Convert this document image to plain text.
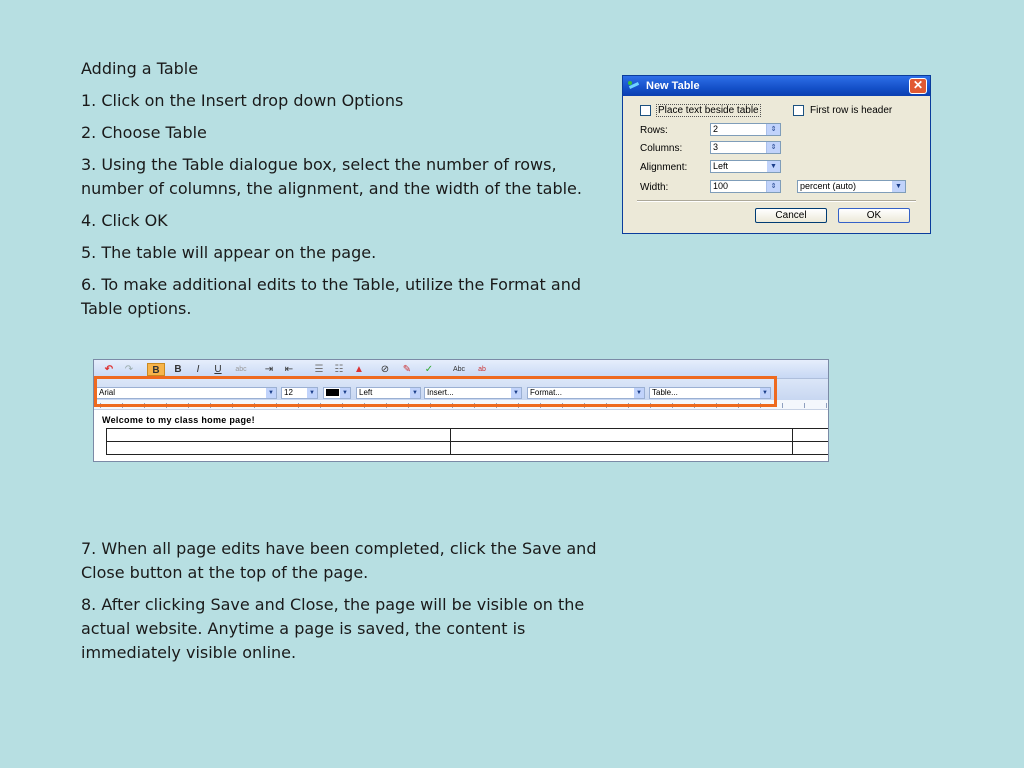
Adding a Table

1. Click on the Insert drop down Options

2. Choose Table

3. Using the Table dialogue box, select the number of rows, number of columns, the alignment, and the width of the table.

4. Click OK

5. The table will appear on the page.

6. To make additional edits to the Table, utilize the Format and Table options.

New Table	✕
Place text beside table	First row is header
Rows:	2	⇕
Columns:	3	⇕
Alignment:	Left	▼
Width:	100	⇕	percent (auto)	▼
Cancel	OK
↶ ↷	B	B	I	U	abc	⇥ ⇤ ☰ ☷ ▲ ⊘ ✎ ✓	Abc	ab
Arial	▼	12	▼	▼	Left	▼	Insert...	▼	Format...	▼	Table...	▼
Welcome to my class home page!

7. When all page edits have been completed, click the Save and Close button at the top of the page.

8. After clicking Save and Close, the page will be visible on the actual website. Anytime a page is saved, the content is immediately visible online.
